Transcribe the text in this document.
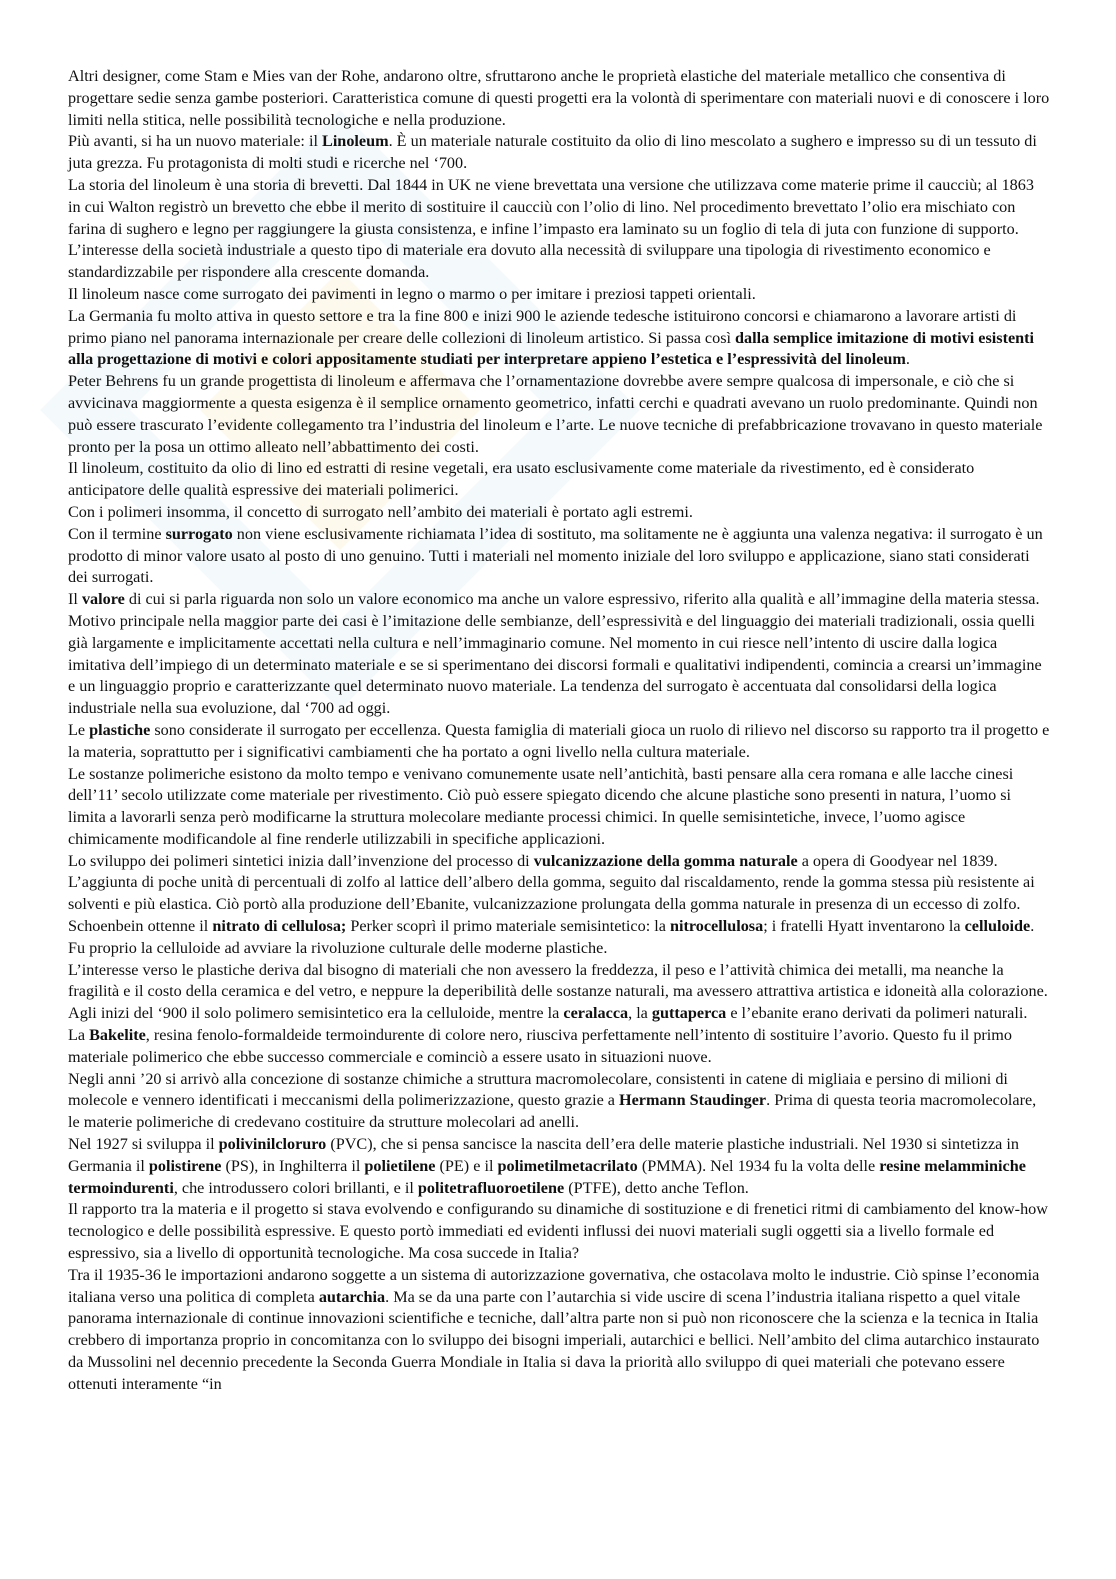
Altri designer, come Stam e Mies van der Rohe, andarono oltre, sfruttarono anche le proprietà elastiche del materiale metallico che consentiva di progettare sedie senza gambe posteriori. Caratteristica comune di questi progetti era la volontà di sperimentare con materiali nuovi e di conoscere i loro limiti nella stitica, nelle possibilità tecnologiche e nella produzione.

Più avanti, si ha un nuovo materiale: il Linoleum. È un materiale naturale costituito da olio di lino mescolato a sughero e impresso su di un tessuto di juta grezza. Fu protagonista di molti studi e ricerche nel ‘700.

La storia del linoleum è una storia di brevetti. Dal 1844 in UK ne viene brevettata una versione che utilizzava come materie prime il caucciù; al 1863 in cui Walton registrò un brevetto che ebbe il merito di sostituire il caucciù con l’olio di lino. Nel procedimento brevettato l’olio era mischiato con farina di sughero e legno per raggiungere la giusta consistenza, e infine l’impasto era laminato su un foglio di tela di juta con funzione di supporto. L’interesse della società industriale a questo tipo di materiale era dovuto alla necessità di sviluppare una tipologia di rivestimento economico e standardizzabile per rispondere alla crescente domanda.

Il linoleum nasce come surrogato dei pavimenti in legno o marmo o per imitare i preziosi tappeti orientali.

La Germania fu molto attiva in questo settore e tra la fine 800 e inizi 900 le aziende tedesche istituirono concorsi e chiamarono a lavorare artisti di primo piano nel panorama internazionale per creare delle collezioni di linoleum artistico. Si passa così dalla semplice imitazione di motivi esistenti alla progettazione di motivi e colori appositamente studiati per interpretare appieno l’estetica e l’espressività del linoleum.

Peter Behrens fu un grande progettista di linoleum e affermava che l’ornamentazione dovrebbe avere sempre qualcosa di impersonale, e ciò che si avvicinava maggiormente a questa esigenza è il semplice ornamento geometrico, infatti cerchi e quadrati avevano un ruolo predominante. Quindi non può essere trascurato l’evidente collegamento tra l’industria del linoleum e l’arte. Le nuove tecniche di prefabbricazione trovavano in questo materiale pronto per la posa un ottimo alleato nell’abbattimento dei costi.

Il linoleum, costituito da olio di lino ed estratti di resine vegetali, era usato esclusivamente come materiale da rivestimento, ed è considerato anticipatore delle qualità espressive dei materiali polimerici.

Con i polimeri insomma, il concetto di surrogato nell’ambito dei materiali è portato agli estremi.

Con il termine surrogato non viene esclusivamente richiamata l’idea di sostituto, ma solitamente ne è aggiunta una valenza negativa: il surrogato è un prodotto di minor valore usato al posto di uno genuino. Tutti i materiali nel momento iniziale del loro sviluppo e applicazione, siano stati considerati dei surrogati.

Il valore di cui si parla riguarda non solo un valore economico ma anche un valore espressivo, riferito alla qualità e all’immagine della materia stessa. Motivo principale nella maggior parte dei casi è l’imitazione delle sembianze, dell’espressività e del linguaggio dei materiali tradizionali, ossia quelli già largamente e implicitamente accettati nella cultura e nell’immaginario comune. Nel momento in cui riesce nell’intento di uscire dalla logica imitativa dell’impiego di un determinato materiale e se si sperimentano dei discorsi formali e qualitativi indipendenti, comincia a crearsi un’immagine e un linguaggio proprio e caratterizzante quel determinato nuovo materiale. La tendenza del surrogato è accentuata dal consolidarsi della logica industriale nella sua evoluzione, dal ‘700 ad oggi.

Le plastiche sono considerate il surrogato per eccellenza. Questa famiglia di materiali gioca un ruolo di rilievo nel discorso su rapporto tra il progetto e la materia, soprattutto per i significativi cambiamenti che ha portato a ogni livello nella cultura materiale.

Le sostanze polimeriche esistono da molto tempo e venivano comunemente usate nell’antichità, basti pensare alla cera romana e alle lacche cinesi dell’11’ secolo utilizzate come materiale per rivestimento. Ciò può essere spiegato dicendo che alcune plastiche sono presenti in natura, l’uomo si limita a lavorarli senza però modificarne la struttura molecolare mediante processi chimici. In quelle semisintetiche, invece, l’uomo agisce chimicamente modificandole al fine renderle utilizzabili in specifiche applicazioni.

Lo sviluppo dei polimeri sintetici inizia dall’invenzione del processo di vulcanizzazione della gomma naturale a opera di Goodyear nel 1839. L’aggiunta di poche unità di percentuali di zolfo al lattice dell’albero della gomma, seguito dal riscaldamento, rende la gomma stessa più resistente ai solventi e più elastica. Ciò portò alla produzione dell’Ebanite, vulcanizzazione prolungata della gomma naturale in presenza di un eccesso di zolfo. Schoenbein ottenne il nitrato di cellulosa; Perker scoprì il primo materiale semisintetico: la nitrocellulosa; i fratelli Hyatt inventarono la celluloide. Fu proprio la celluloide ad avviare la rivoluzione culturale delle moderne plastiche.

L’interesse verso le plastiche deriva dal bisogno di materiali che non avessero la freddezza, il peso e l’attività chimica dei metalli, ma neanche la fragilità e il costo della ceramica e del vetro, e neppure la deperibilità delle sostanze naturali, ma avessero attrattiva artistica e idoneità alla colorazione. Agli inizi del ‘900 il solo polimero semisintetico era la celluloide, mentre la ceralacca, la guttaperca e l’ebanite erano derivati da polimeri naturali.

La Bakelite, resina fenolo-formaldeide termoindurente di colore nero, riusciva perfettamente nell’intento di sostituire l’avorio. Questo fu il primo materiale polimerico che ebbe successo commerciale e cominciò a essere usato in situazioni nuove.

Negli anni ’20 si arrivò alla concezione di sostanze chimiche a struttura macromolecolare, consistenti in catene di migliaia e persino di milioni di molecole e vennero identificati i meccanismi della polimerizzazione, questo grazie a Hermann Staudinger. Prima di questa teoria macromolecolare, le materie polimeriche di credevano costituire da strutture molecolari ad anelli.

Nel 1927 si sviluppa il polivinilcloruro (PVC), che si pensa sancisce la nascita dell’era delle materie plastiche industriali. Nel 1930 si sintetizza in Germania il polistirene (PS), in Inghilterra il polietilene (PE) e il polimetilmetacrilato (PMMA). Nel 1934 fu la volta delle resine melamminiche termoindurenti, che introdussero colori brillanti, e il politetrafluoroetilene (PTFE), detto anche Teflon.

Il rapporto tra la materia e il progetto si stava evolvendo e configurando su dinamiche di sostituzione e di frenetici ritmi di cambiamento del know-how tecnologico e delle possibilità espressive. E questo portò immediati ed evidenti influssi dei nuovi materiali sugli oggetti sia a livello formale ed espressivo, sia a livello di opportunità tecnologiche. Ma cosa succede in Italia?

Tra il 1935-36 le importazioni andarono soggette a un sistema di autorizzazione governativa, che ostacolava molto le industrie. Ciò spinse l’economia italiana verso una politica di completa autarchia. Ma se da una parte con l’autarchia si vide uscire di scena l’industria italiana rispetto a quel vitale panorama internazionale di continue innovazioni scientifiche e tecniche, dall’altra parte non si può non riconoscere che la scienza e la tecnica in Italia crebbero di importanza proprio in concomitanza con lo sviluppo dei bisogni imperiali, autarchici e bellici. Nell’ambito del clima autarchico instaurato da Mussolini nel decennio precedente la Seconda Guerra Mondiale in Italia si dava la priorità allo sviluppo di quei materiali che potevano essere ottenuti interamente “in
